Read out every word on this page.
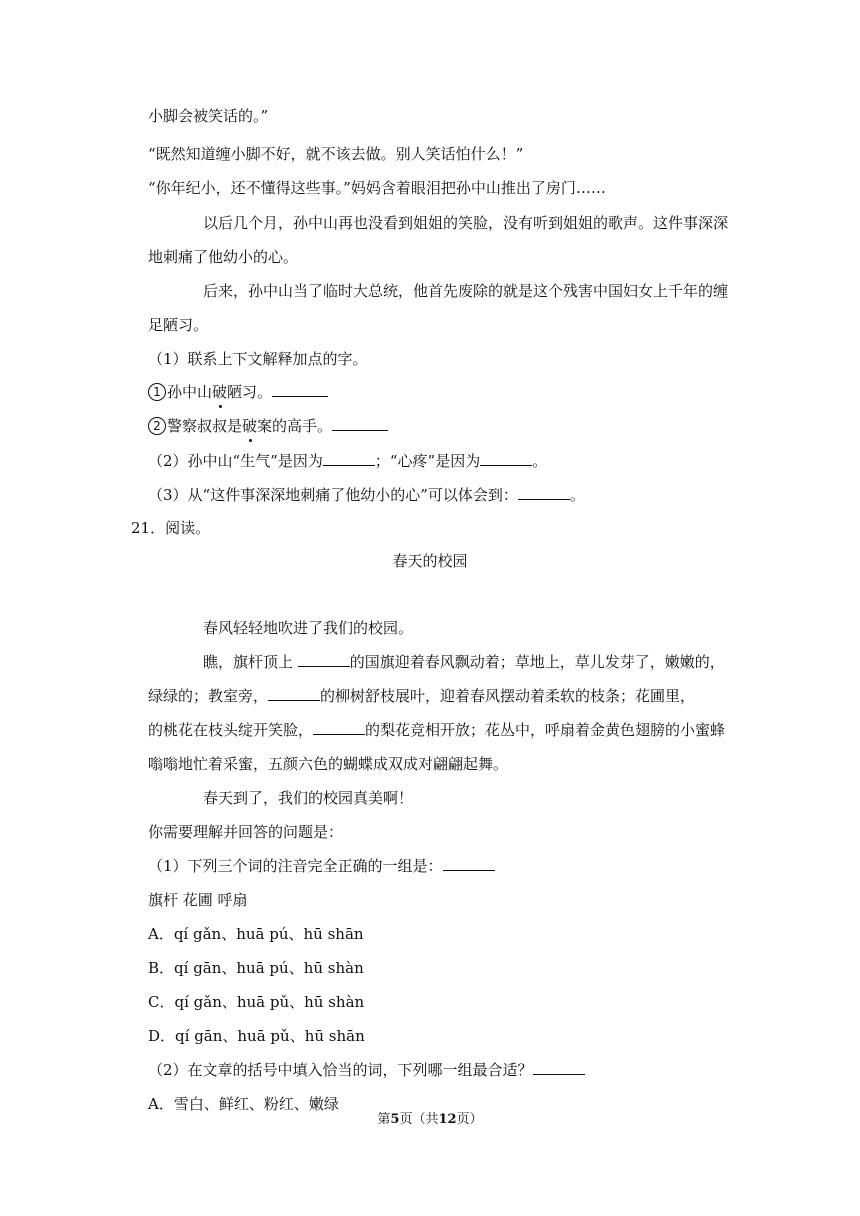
小脚会被笑话的。”
“既然知道缠小脚不好，就不该去做。别人笑话怕什么！”
“你年纪小，还不懂得这些事。”妈妈含着眼泪把孙中山推出了房门……
以后几个月，孙中山再也没看到姐姐的笑脸，没有听到姐姐的歌声。这件事深深
地刺痛了他幼小的心。
后来，孙中山当了临时大总统，他首先废除的就是这个残害中国妇女上千年的缠
足陋习。
（1）联系上下文解释加点的字。
1 孙中山破陋习。
2 警察叔叔是破案的高手。
（2）孙中山“生气”是因为	；“心疼”是因为	。
（3）从“这件事深深地刺痛了他幼小的心”可以体会到：	。
21．阅读。
春天的校园
春风轻轻地吹进了我们的校园。
瞧，旗杆顶上	的国旗迎着春风飘动着；草地上，草儿发芽了，嫩嫩的，
绿绿的；教室旁，	的柳树舒枝展叶，迎着春风摆动着柔软的枝条；花圃里，
的桃花在枝头绽开笑脸，	的梨花竞相开放；花丛中，呼扇着金黄色翅膀的小蜜蜂
嗡嗡地忙着采蜜，五颜六色的蝴蝶成双成对翩翩起舞。
春天到了，我们的校园真美啊！
你需要理解并回答的问题是：
（1）下列三个词的注音完全正确的一组是：
旗杆 花圃 呼扇
A．qí gǎn、huā pú、hū shān
B．qí gān、huā pú、hū shàn
C．qí gǎn、huā pǔ、hū shàn
D．qí gān、huā pǔ、hū shān
（2）在文章的括号中填入恰当的词，下列哪一组最合适？
A．雪白、鲜红、粉红、嫩绿
第5页（共12页）
